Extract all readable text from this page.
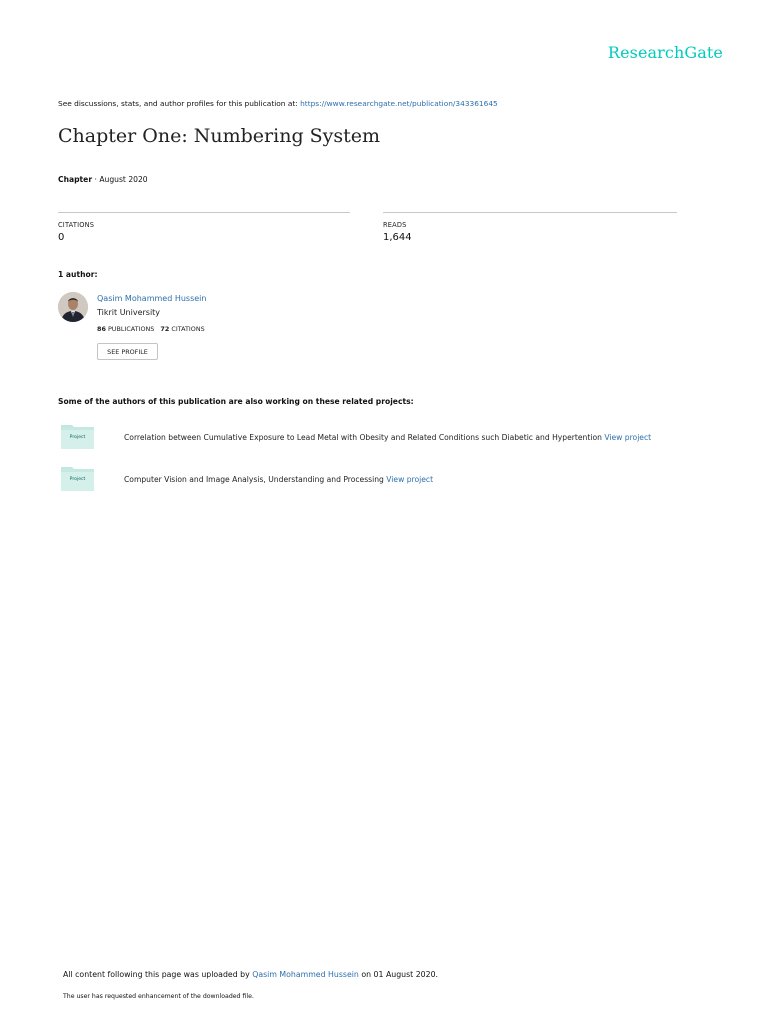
ResearchGate
See discussions, stats, and author profiles for this publication at: https://www.researchgate.net/publication/343361645
Chapter One: Numbering System
Chapter · August 2020
CITATIONS
0
READS
1,644
1 author:
Qasim Mohammed Hussein
Tikrit University
86 PUBLICATIONS 72 CITATIONS
SEE PROFILE
Some of the authors of this publication are also working on these related projects:
Project	Correlation between Cumulative Exposure to Lead Metal with Obesity and Related Conditions such Diabetic and Hypertention View project
Project	Computer Vision and Image Analysis, Understanding and Processing View project
All content following this page was uploaded by Qasim Mohammed Hussein on 01 August 2020.
The user has requested enhancement of the downloaded file.
